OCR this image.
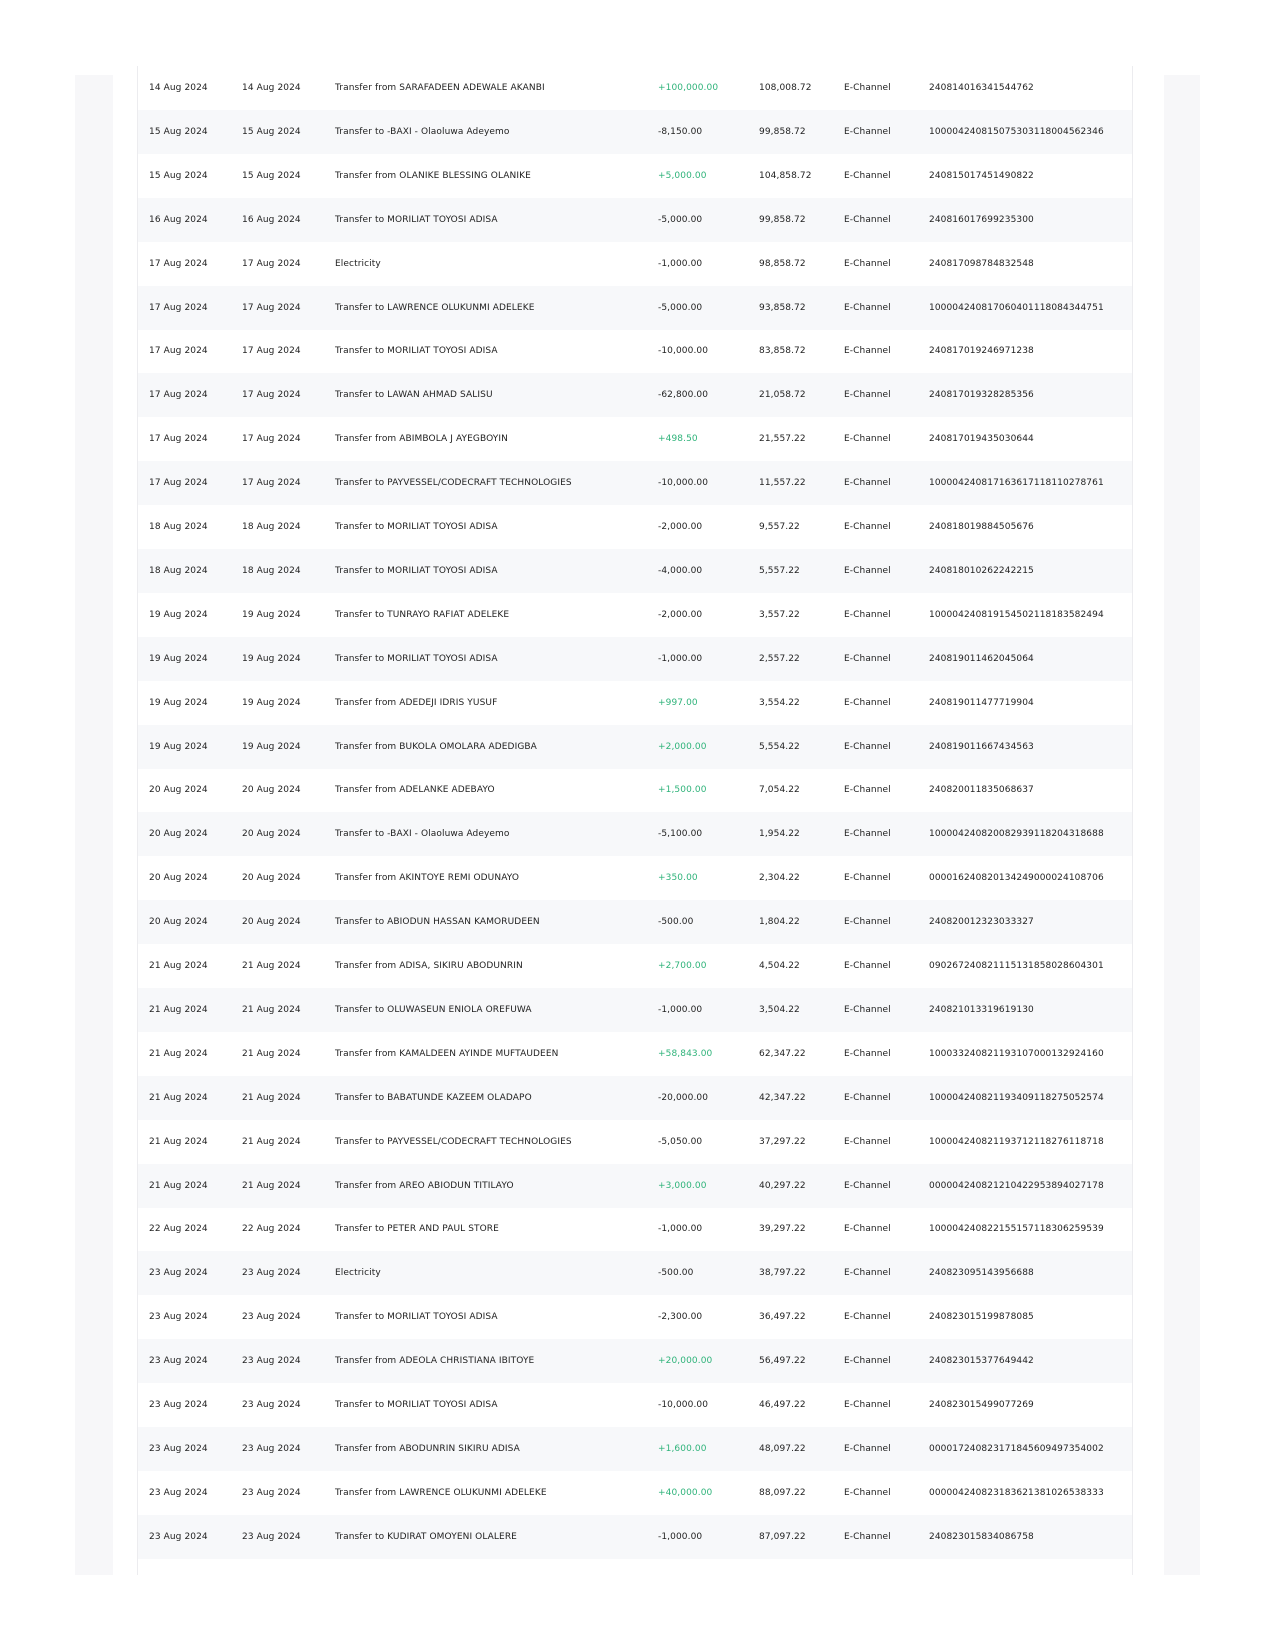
14 Aug 2024	14 Aug 2024	Transfer from SARAFADEEN ADEWALE AKANBI	+100,000.00	108,008.72	E-Channel	240814016341544762
15 Aug 2024	15 Aug 2024	Transfer to -BAXI - Olaoluwa Adeyemo	-8,150.00	99,858.72	E-Channel	100004240815075303118004562346
15 Aug 2024	15 Aug 2024	Transfer from OLANIKE BLESSING OLANIKE	+5,000.00	104,858.72	E-Channel	240815017451490822
16 Aug 2024	16 Aug 2024	Transfer to MORILIAT TOYOSI ADISA	-5,000.00	99,858.72	E-Channel	240816017699235300
17 Aug 2024	17 Aug 2024	Electricity	-1,000.00	98,858.72	E-Channel	240817098784832548
17 Aug 2024	17 Aug 2024	Transfer to LAWRENCE OLUKUNMI ADELEKE	-5,000.00	93,858.72	E-Channel	100004240817060401118084344751
17 Aug 2024	17 Aug 2024	Transfer to MORILIAT TOYOSI ADISA	-10,000.00	83,858.72	E-Channel	240817019246971238
17 Aug 2024	17 Aug 2024	Transfer to LAWAN AHMAD SALISU	-62,800.00	21,058.72	E-Channel	240817019328285356
17 Aug 2024	17 Aug 2024	Transfer from ABIMBOLA J AYEGBOYIN	+498.50	21,557.22	E-Channel	240817019435030644
17 Aug 2024	17 Aug 2024	Transfer to PAYVESSEL/CODECRAFT TECHNOLOGIES	-10,000.00	11,557.22	E-Channel	100004240817163617118110278761
18 Aug 2024	18 Aug 2024	Transfer to MORILIAT TOYOSI ADISA	-2,000.00	9,557.22	E-Channel	240818019884505676
18 Aug 2024	18 Aug 2024	Transfer to MORILIAT TOYOSI ADISA	-4,000.00	5,557.22	E-Channel	240818010262242215
19 Aug 2024	19 Aug 2024	Transfer to TUNRAYO RAFIAT ADELEKE	-2,000.00	3,557.22	E-Channel	100004240819154502118183582494
19 Aug 2024	19 Aug 2024	Transfer to MORILIAT TOYOSI ADISA	-1,000.00	2,557.22	E-Channel	240819011462045064
19 Aug 2024	19 Aug 2024	Transfer from ADEDEJI IDRIS YUSUF	+997.00	3,554.22	E-Channel	240819011477719904
19 Aug 2024	19 Aug 2024	Transfer from BUKOLA OMOLARA ADEDIGBA	+2,000.00	5,554.22	E-Channel	240819011667434563
20 Aug 2024	20 Aug 2024	Transfer from ADELANKE ADEBAYO	+1,500.00	7,054.22	E-Channel	240820011835068637
20 Aug 2024	20 Aug 2024	Transfer to -BAXI - Olaoluwa Adeyemo	-5,100.00	1,954.22	E-Channel	100004240820082939118204318688
20 Aug 2024	20 Aug 2024	Transfer from AKINTOYE REMI ODUNAYO	+350.00	2,304.22	E-Channel	000016240820134249000024108706
20 Aug 2024	20 Aug 2024	Transfer to ABIODUN HASSAN KAMORUDEEN	-500.00	1,804.22	E-Channel	240820012323033327
21 Aug 2024	21 Aug 2024	Transfer from ADISA, SIKIRU ABODUNRIN	+2,700.00	4,504.22	E-Channel	090267240821115131858028604301
21 Aug 2024	21 Aug 2024	Transfer to OLUWASEUN ENIOLA OREFUWA	-1,000.00	3,504.22	E-Channel	240821013319619130
21 Aug 2024	21 Aug 2024	Transfer from KAMALDEEN AYINDE MUFTAUDEEN	+58,843.00	62,347.22	E-Channel	100033240821193107000132924160
21 Aug 2024	21 Aug 2024	Transfer to BABATUNDE KAZEEM OLADAPO	-20,000.00	42,347.22	E-Channel	100004240821193409118275052574
21 Aug 2024	21 Aug 2024	Transfer to PAYVESSEL/CODECRAFT TECHNOLOGIES	-5,050.00	37,297.22	E-Channel	100004240821193712118276118718
21 Aug 2024	21 Aug 2024	Transfer from AREO ABIODUN TITILAYO	+3,000.00	40,297.22	E-Channel	000004240821210422953894027178
22 Aug 2024	22 Aug 2024	Transfer to PETER AND PAUL STORE	-1,000.00	39,297.22	E-Channel	100004240822155157118306259539
23 Aug 2024	23 Aug 2024	Electricity	-500.00	38,797.22	E-Channel	240823095143956688
23 Aug 2024	23 Aug 2024	Transfer to MORILIAT TOYOSI ADISA	-2,300.00	36,497.22	E-Channel	240823015199878085
23 Aug 2024	23 Aug 2024	Transfer from ADEOLA CHRISTIANA IBITOYE	+20,000.00	56,497.22	E-Channel	240823015377649442
23 Aug 2024	23 Aug 2024	Transfer to MORILIAT TOYOSI ADISA	-10,000.00	46,497.22	E-Channel	240823015499077269
23 Aug 2024	23 Aug 2024	Transfer from ABODUNRIN SIKIRU ADISA	+1,600.00	48,097.22	E-Channel	000017240823171845609497354002
23 Aug 2024	23 Aug 2024	Transfer from LAWRENCE OLUKUNMI ADELEKE	+40,000.00	88,097.22	E-Channel	000004240823183621381026538333
23 Aug 2024	23 Aug 2024	Transfer to KUDIRAT OMOYENI OLALERE	-1,000.00	87,097.22	E-Channel	240823015834086758
